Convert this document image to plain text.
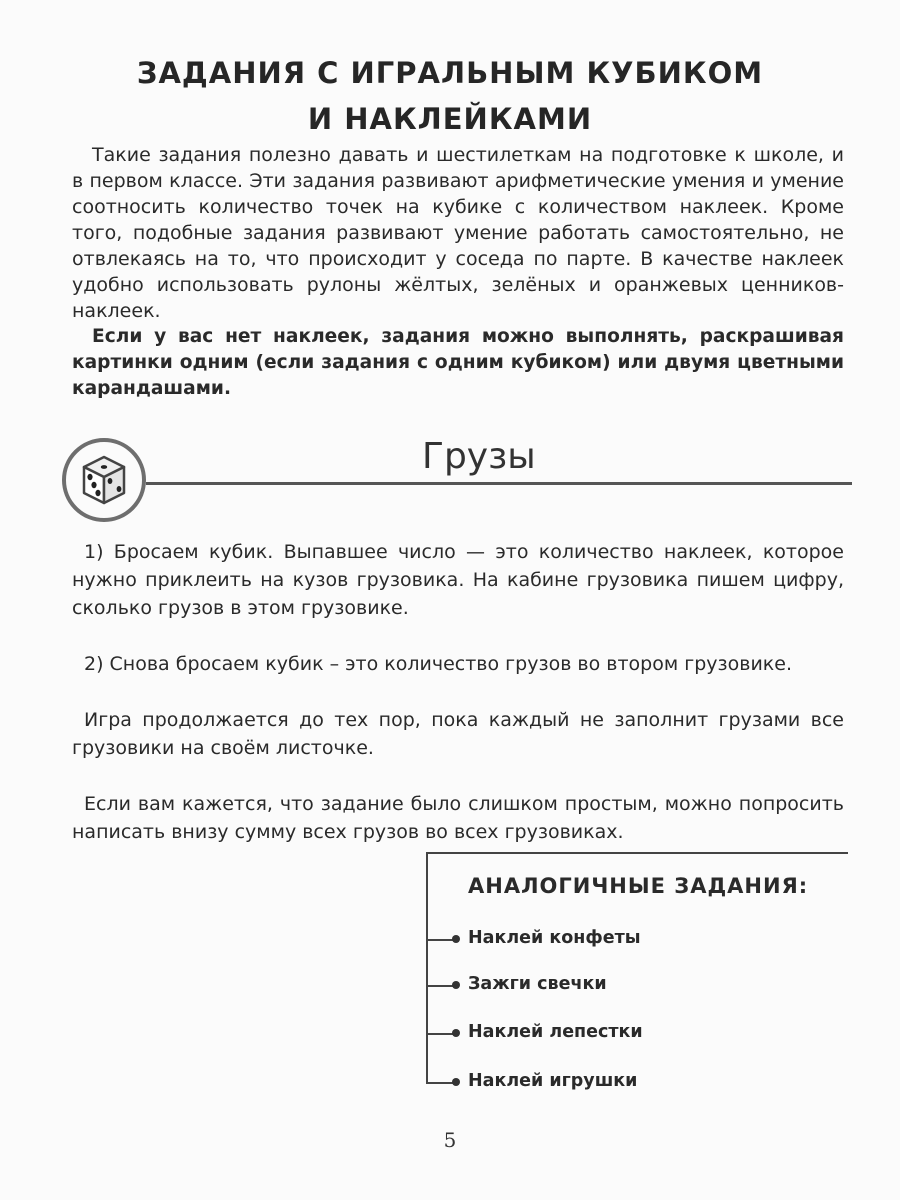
ЗАДАНИЯ С ИГРАЛЬНЫМ КУБИКОМ
И НАКЛЕЙКАМИ

Такие задания полезно давать и шестилеткам на подготовке к школе, и в первом классе. Эти задания развивают арифметические умения и умение соотносить количество точек на кубике с количеством наклеек. Кроме того, подобные задания развивают умение работать самостоятельно, не отвлекаясь на то, что происходит у соседа по парте. В качестве наклеек удобно использовать рулоны жёлтых, зелёных и оранжевых ценников-наклеек.

Если у вас нет наклеек, задания можно выполнять, раскрашивая картинки одним (если задания с одним кубиком) или двумя цветными карандашами.

Грузы

1) Бросаем кубик. Выпавшее число — это количество наклеек, которое нужно приклеить на кузов грузовика. На кабине грузовика пишем цифру, сколько грузов в этом грузовике.

2) Снова бросаем кубик – это количество грузов во втором грузовике.

Игра продолжается до тех пор, пока каждый не заполнит грузами все грузовики на своём листочке.

Если вам кажется, что задание было слишком простым, можно попросить написать внизу сумму всех грузов во всех грузовиках.

АНАЛОГИЧНЫЕ ЗАДАНИЯ:
Наклей конфеты
Зажги свечки
Наклей лепестки
Наклей игрушки
5
